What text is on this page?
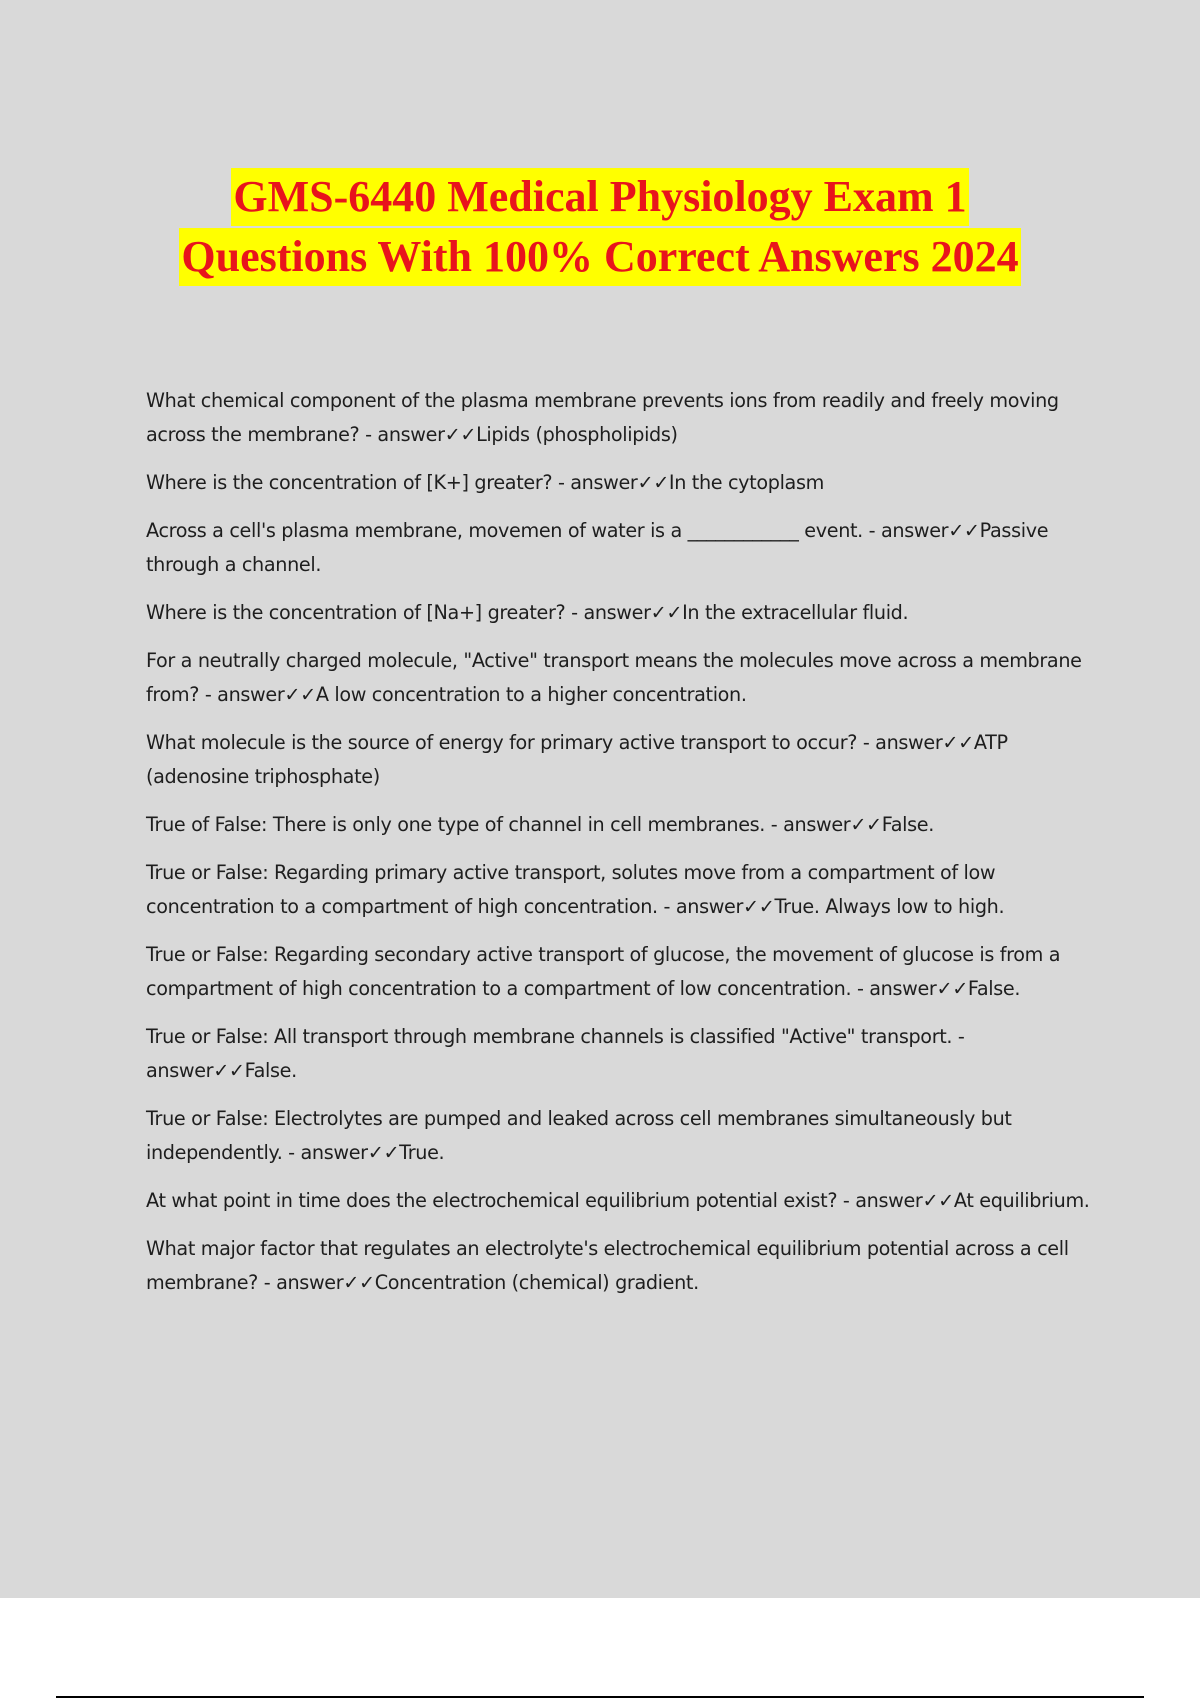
GMS-6440 Medical Physiology Exam 1
Questions With 100% Correct Answers 2024

What chemical component of the plasma membrane prevents ions from readily and freely moving across the membrane? - answer✓✓Lipids (phospholipids)

Where is the concentration of [K+] greater? - answer✓✓In the cytoplasm

Across a cell's plasma membrane, movemen of water is a ____________ event. - answer✓✓Passive through a channel.

Where is the concentration of [Na+] greater? - answer✓✓In the extracellular fluid.

For a neutrally charged molecule, "Active" transport means the molecules move across a membrane from? - answer✓✓A low concentration to a higher concentration.

What molecule is the source of energy for primary active transport to occur? - answer✓✓ATP (adenosine triphosphate)

True of False: There is only one type of channel in cell membranes. - answer✓✓False.

True or False: Regarding primary active transport, solutes move from a compartment of low concentration to a compartment of high concentration. - answer✓✓True. Always low to high.

True or False: Regarding secondary active transport of glucose, the movement of glucose is from a compartment of high concentration to a compartment of low concentration. - answer✓✓False.

True or False: All transport through membrane channels is classified "Active" transport. - answer✓✓False.

True or False: Electrolytes are pumped and leaked across cell membranes simultaneously but independently. - answer✓✓True.

At what point in time does the electrochemical equilibrium potential exist? - answer✓✓At equilibrium.

What major factor that regulates an electrolyte's electrochemical equilibrium potential across a cell membrane? - answer✓✓Concentration (chemical) gradient.
